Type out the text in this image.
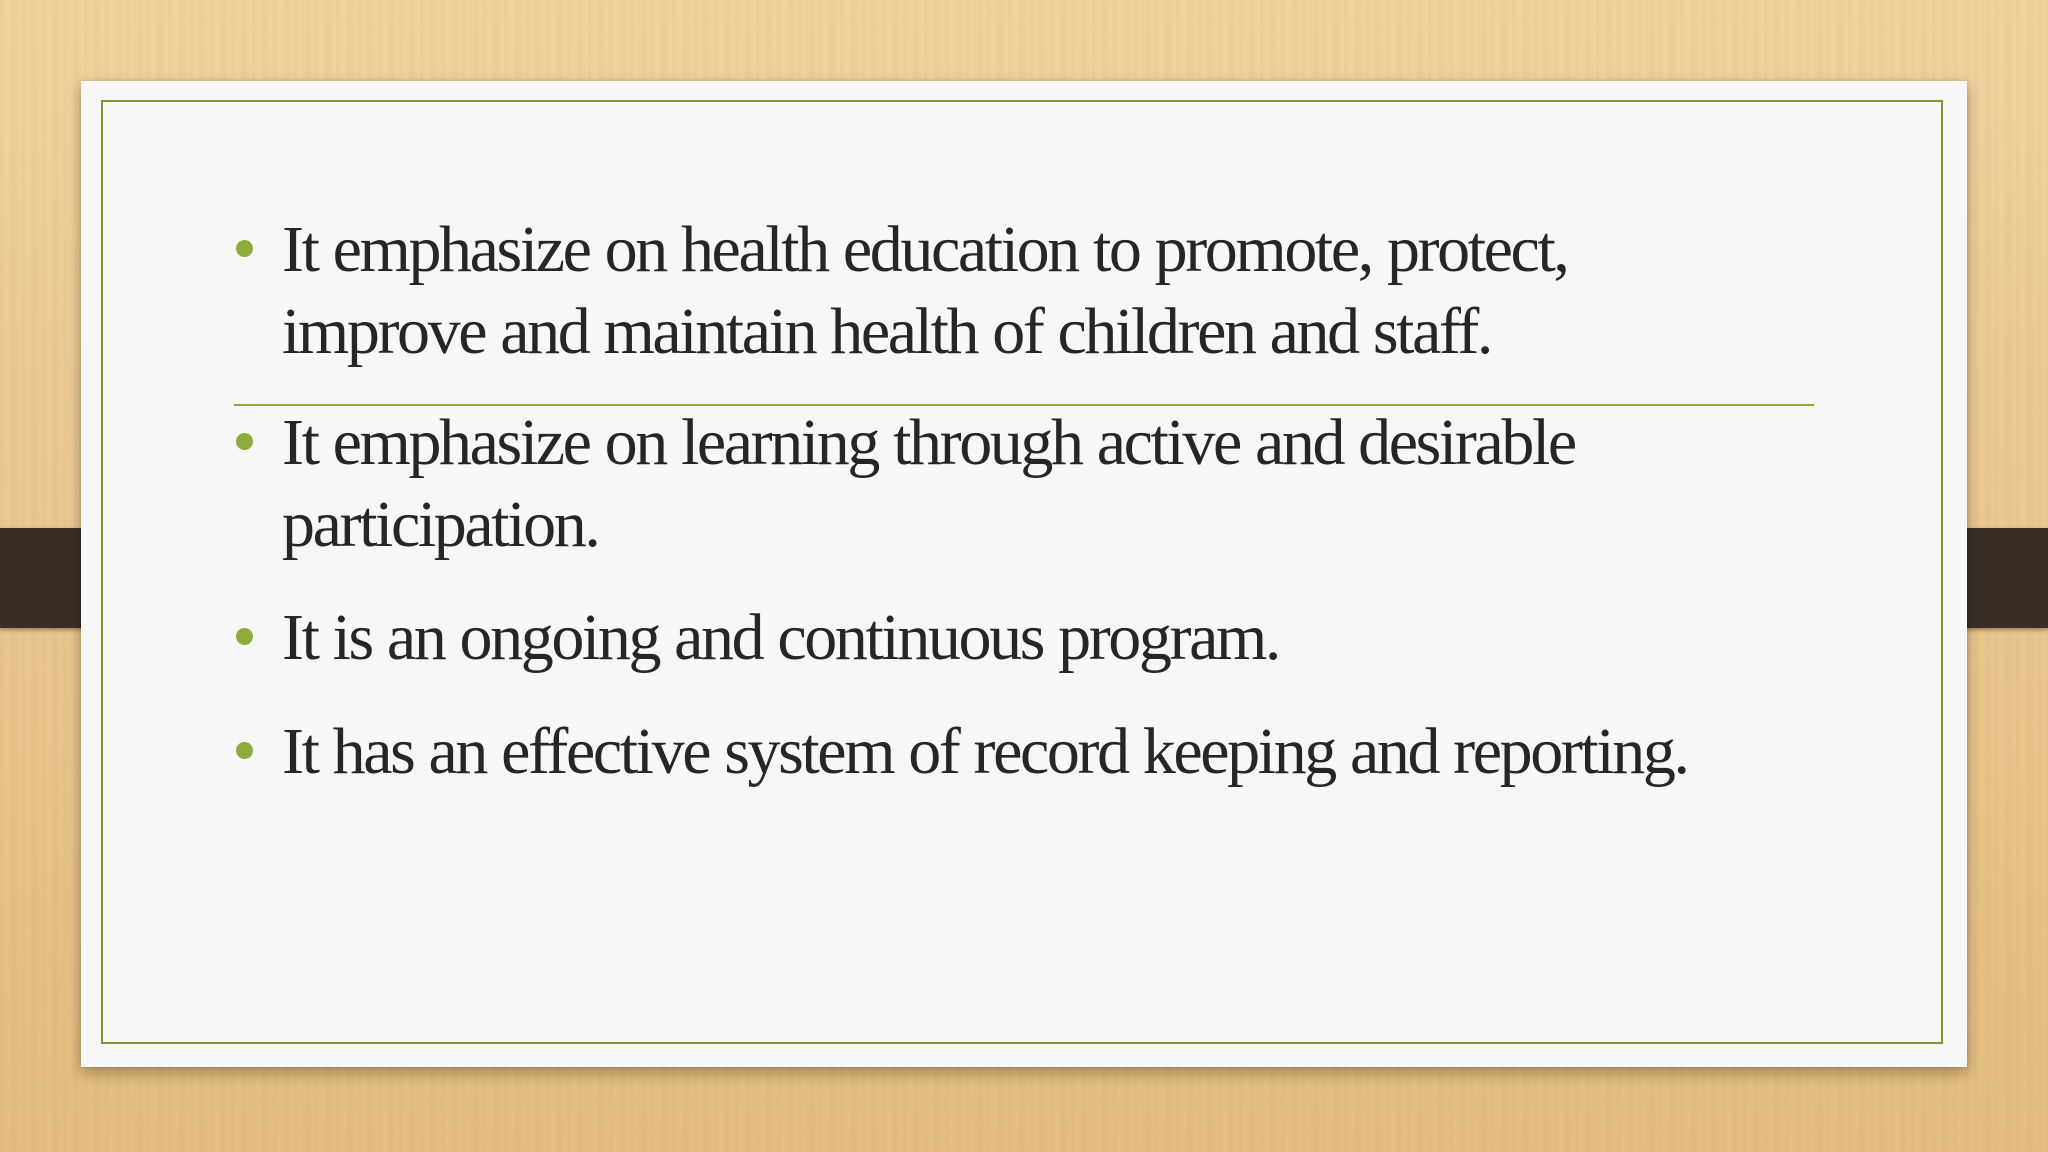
It emphasize on health education to promote, protect, improve and maintain health of children and staff.
It emphasize on learning through active and desirable participation.
It is an ongoing and continuous program.
It has an effective system of record keeping and reporting.
